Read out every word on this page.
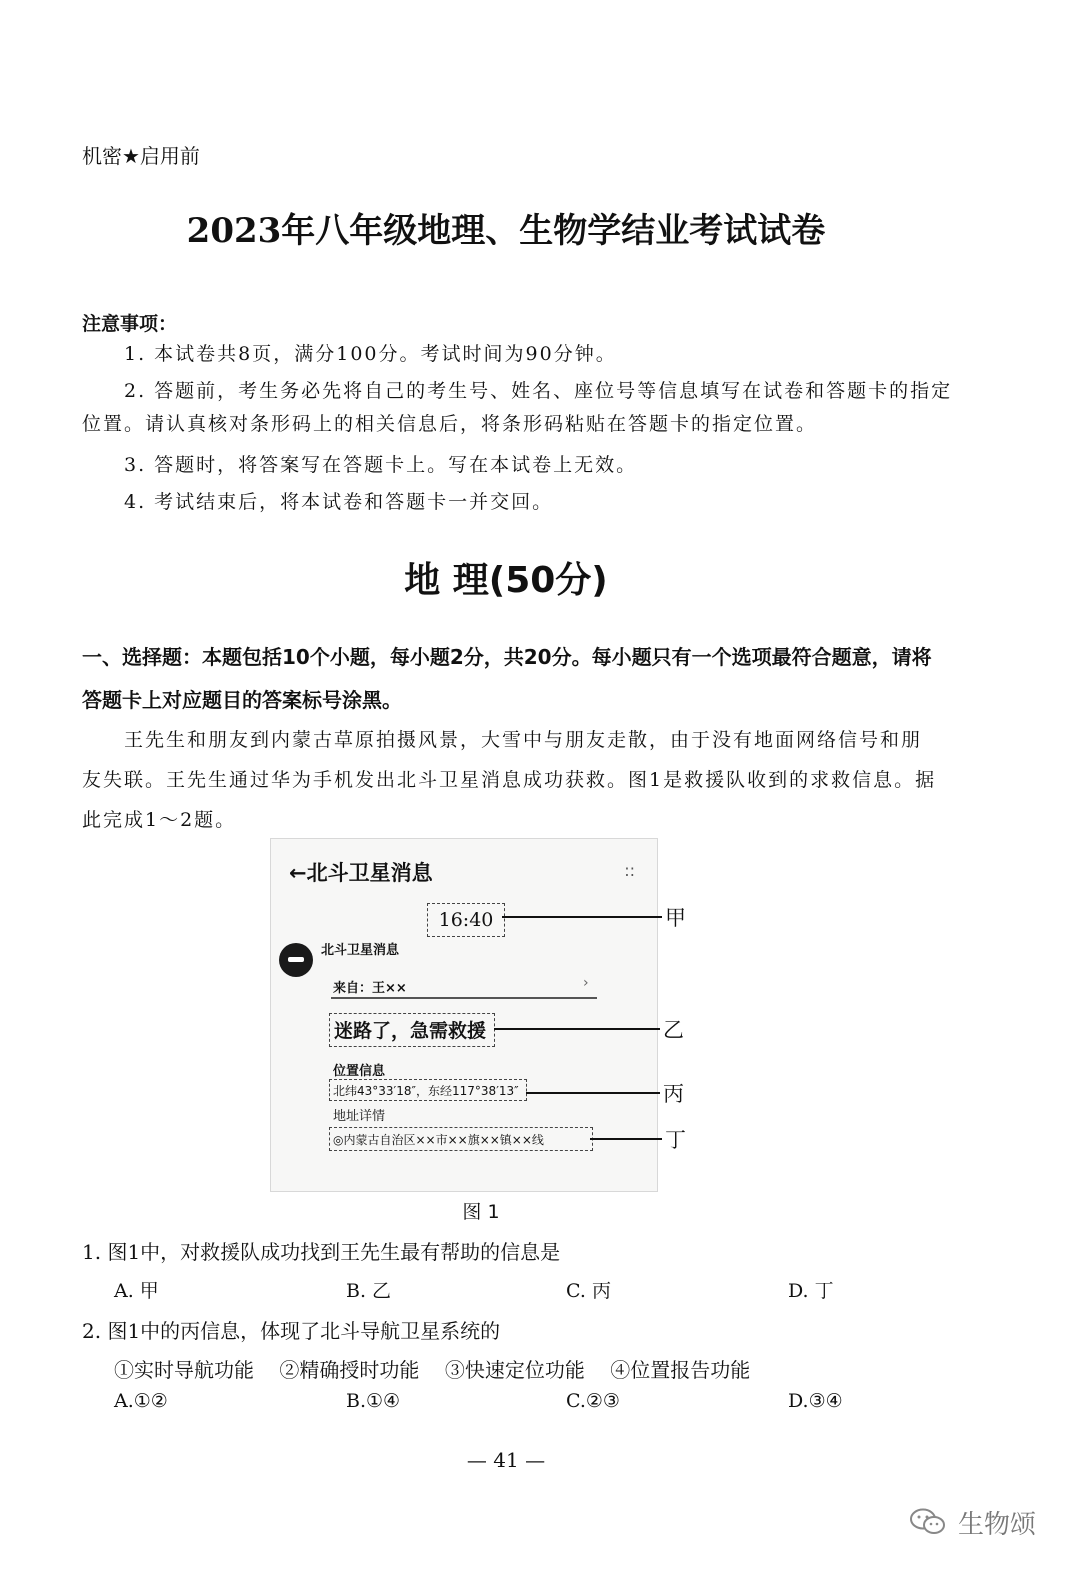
机密★启用前
2023年八年级地理、生物学结业考试试卷
注意事项：
1. 本试卷共8页，满分100分。考试时间为90分钟。
2. 答题前，考生务必先将自己的考生号、姓名、座位号等信息填写在试卷和答题卡的指定位置。请认真核对条形码上的相关信息后，将条形码粘贴在答题卡的指定位置。
3. 答题时，将答案写在答题卡上。写在本试卷上无效。
4. 考试结束后，将本试卷和答题卡一并交回。
地 理(50分)
一、选择题：本题包括10个小题，每小题2分，共20分。每小题只有一个选项最符合题意，请将答题卡上对应题目的答案标号涂黑。
王先生和朋友到内蒙古草原拍摄风景，大雪中与朋友走散，由于没有地面网络信号和朋友失联。王先生通过华为手机发出北斗卫星消息成功获救。图1是救援队收到的求救信息。据此完成1～2题。
←北斗卫星消息	::
16:40
北斗卫星消息
来自：王××	›
迷路了，急需救援
位置信息
北纬43°33′18″，东经117°38′13″
地址详情
◎内蒙古自治区××市××旗××镇××线
甲
乙
丙
丁
图 1
1. 图1中，对救援队成功找到王先生最有帮助的信息是
A. 甲	B. 乙	C. 丙	D. 丁
2. 图1中的丙信息，体现了北斗导航卫星系统的
①实时导航功能    ②精确授时功能    ③快速定位功能    ④位置报告功能
A.①②	B.①④	C.②③	D.③④
— 41 —
生物颂
